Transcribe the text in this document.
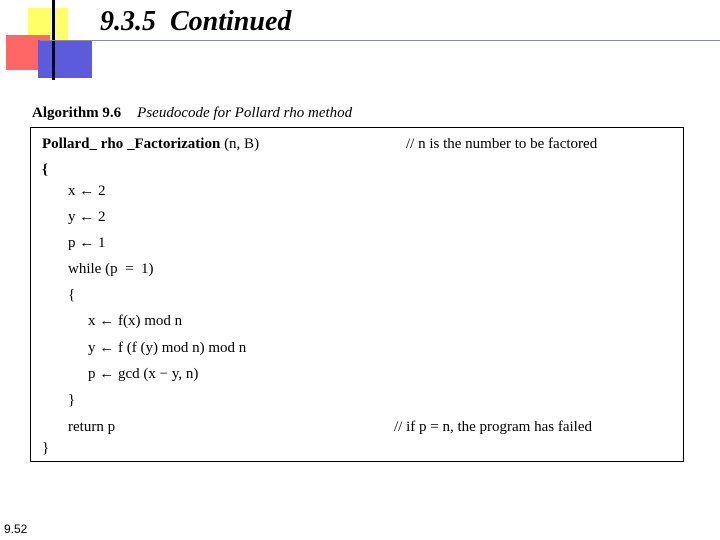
9.3.5  Continued
Algorithm 9.6 Pseudocode for Pollard rho method
Pollard_ rho _Factorization (n, B)	// n is the number to be factored
{
x ← 2
y ← 2
p ← 1
while (p  =  1)
{
x ← f(x) mod n
y ← f (f (y) mod n) mod n
p ← gcd (x − y, n)
}
return p	// if p = n, the program has failed
}
9.52
